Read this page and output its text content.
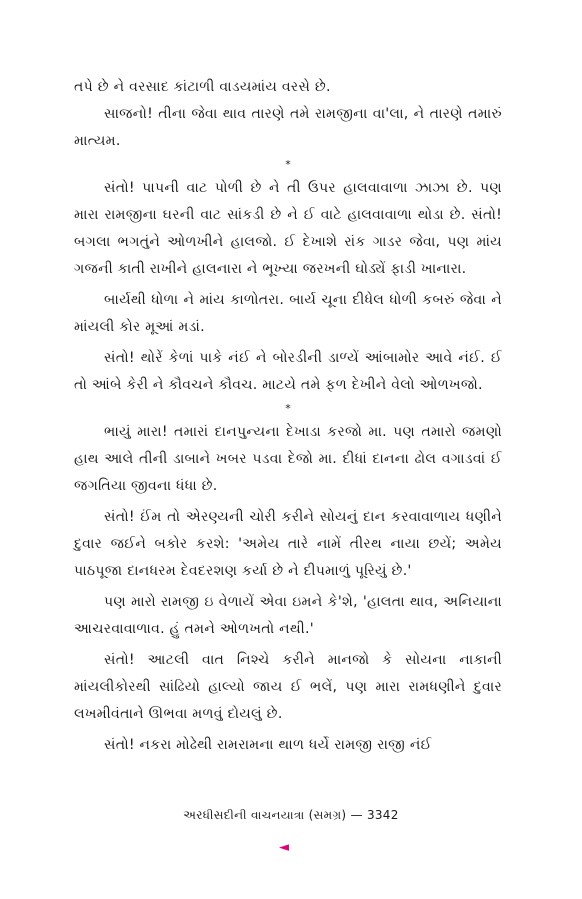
તપે છે ને વરસાદ કાંટાળી વાડયમાંય વરસે છે.

સાજનો! તીના જેવા થાવ તારણે તમે રામજીના વા'લા, ને તારણે તમારું માત્યમ.

*

સંતો! પાપની વાટ પોળી છે ને તી ઉપર હાલવાવાળા ઝાઝા છે. પણ મારા રામજીના ઘરની વાટ સાંકડી છે ને ઈ વાટે હાલવાવાળા થોડા છે. સંતો! બગલા ભગતુંને ઓળખીને હાલજો. ઈ દેખાશે રાંક ગાડર જેવા, પણ માંય ગજની કાતી રાખીને હાલનારા ને ભૂખ્યા જરખની ઘોડ્યેં ફાડી ખાનારા.

બાર્યથી ધોળા ને માંય કાળોતરા. બાર્ય ચૂના દીધેલ ધોળી કબરું જેવા ને માંયલી કોર મૂઆં મડાં.

સંતો! થોરેં કેળાં પાકે નંઈ ને બોરડીની ડાળ્યેં આંબામોર આવે નંઈ. ઈ તો આંબે કેરી ને કૌવચને કૌવચ. માટયે તમે ફળ દેખીને વેલો ઓળખજો.

*

ભાયું મારા! તમારાં દાનપુન્યના દેખાડા કરજો મા. પણ તમારો જમણો હાથ આલે તીની ડાબાને ખબર પડવા દેજો મા. દીધાં દાનના ઢોલ વગાડવાં ઈ જગતિયા જીવના ધંધા છે.

સંતો! ઈંમ તો એરણ્યની ચોરી કરીને સોયનું દાન કરવાવાળાય ધણીને દુવાર જઈને બકોર કરશે: 'અમેય તારે નામેં તીરથ નાયા છયેં; અમેય પાઠપૂજા દાનધરમ દેવદરશણ કર્યા છે ને દીપમાળું પૂરિયું છે.'

પણ મારો રામજી ઇ વેળાયેં એવા ઇમને કે'શે, 'હાલતા થાવ, અનિયાના આચરવાવાળાવ. હું તમને ઓળખતો નથી.'

સંતો! આટલી વાત નિશ્ચે કરીને માનજો કે સોયના નાકાની માંયલીકોરથી સાંઢિયો હાલ્યો જાય ઈ ભલેં, પણ મારા રામધણીને દુવાર લખમીવંતાને ઊભવા મળવું દોયલું છે.

સંતો! નકરા મોઢેથી રામરામના થાળ ધર્યે રામજી રાજી નંઈ

અરધીસદીની વાચનયાત્રા (સમગ્ર) — 3342
◄
